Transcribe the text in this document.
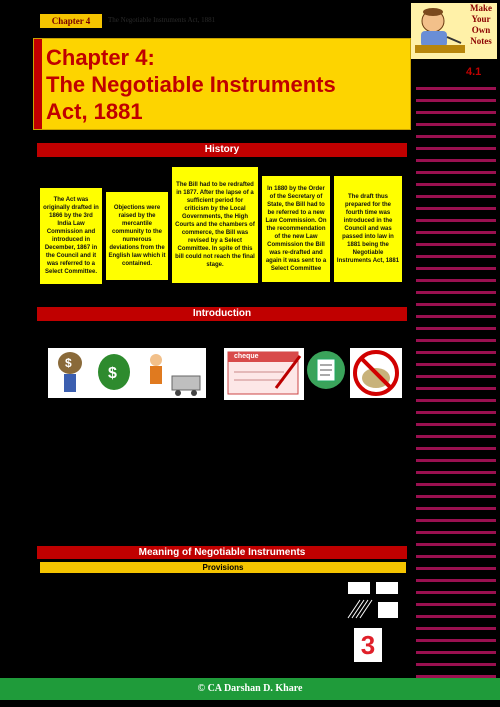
Chapter 4	The Negotiable Instruments Act, 1881
Chapter 4:
The Negotiable Instruments
Act, 1881
Make
Your
Own
Notes
4.1
History
The Act was originally drafted in 1866 by the 3rd India Law Commission and introduced in December, 1867 in the Council and it was referred to a Select Committee.
Objections were raised by the mercantile community to the numerous deviations from the English law which it contained.
The Bill had to be redrafted in 1877. After the lapse of a sufficient period for criticism by the Local Governments, the High Courts and the chambers of commerce, the Bill was revised by a Select Committee. In spite of this bill could not reach the final stage.
In 1880 by the Order of the Secretary of State, the Bill had to be referred to a new Law Commission. On the recommendation of the new Law Commission the Bill was re-drafted and again it was sent to a Select Committee
The draft thus prepared for the fourth time was introduced in the Council and was passed into law in 1881 being the Negotiable Instruments Act, 1881
Introduction
$
$
cheque
Meaning of Negotiable Instruments
Provisions
3
© CA Darshan D. Khare
